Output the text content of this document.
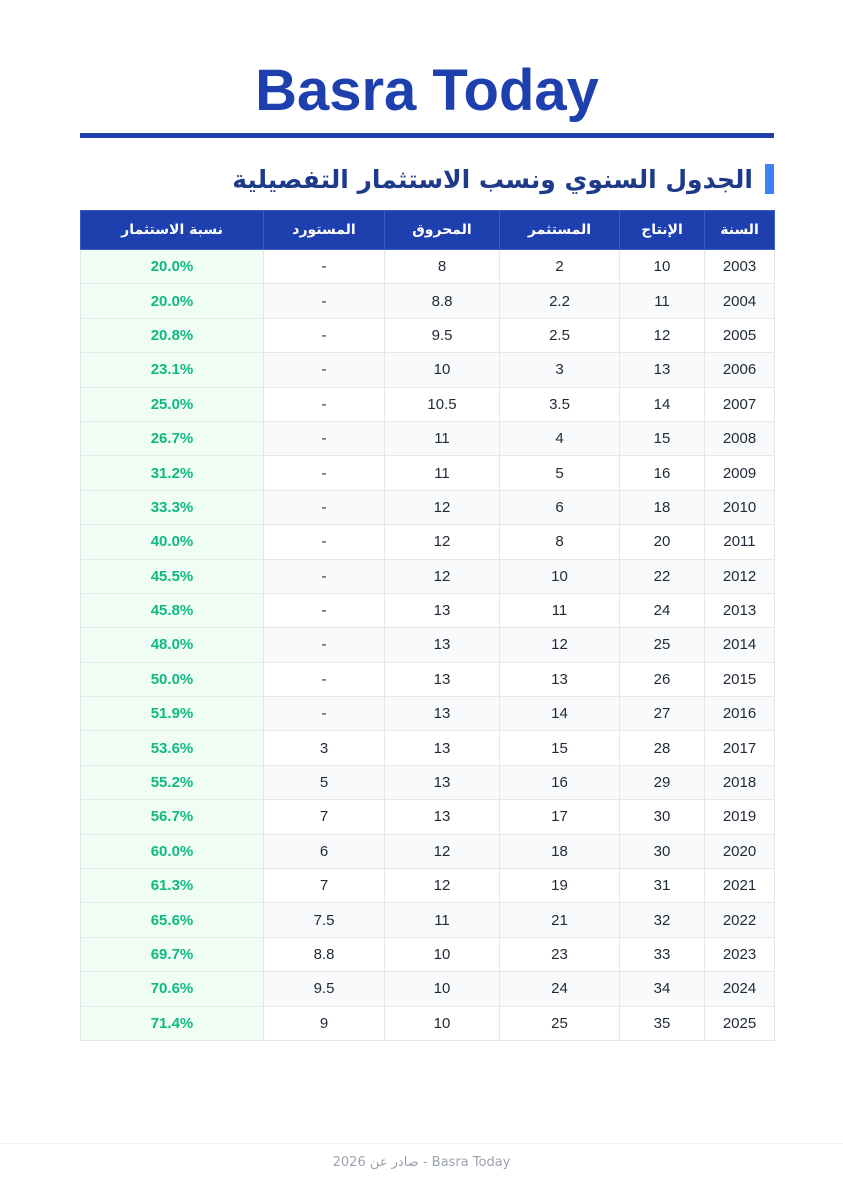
Basra Today
الجدول السنوي ونسب الاستثمار التفصيلية
السنة	الإنتاج	المستثمر	المحروق	المستورد	نسبة الاستثمار
2003	10	2	8	-	20.0%
2004	11	2.2	8.8	-	20.0%
2005	12	2.5	9.5	-	20.8%
2006	13	3	10	-	23.1%
2007	14	3.5	10.5	-	25.0%
2008	15	4	11	-	26.7%
2009	16	5	11	-	31.2%
2010	18	6	12	-	33.3%
2011	20	8	12	-	40.0%
2012	22	10	12	-	45.5%
2013	24	11	13	-	45.8%
2014	25	12	13	-	48.0%
2015	26	13	13	-	50.0%
2016	27	14	13	-	51.9%
2017	28	15	13	3	53.6%
2018	29	16	13	5	55.2%
2019	30	17	13	7	56.7%
2020	30	18	12	6	60.0%
2021	31	19	12	7	61.3%
2022	32	21	11	7.5	65.6%
2023	33	23	10	8.8	69.7%
2024	34	24	10	9.5	70.6%
2025	35	25	10	9	71.4%
صادر عن 2026 - Basra Today
